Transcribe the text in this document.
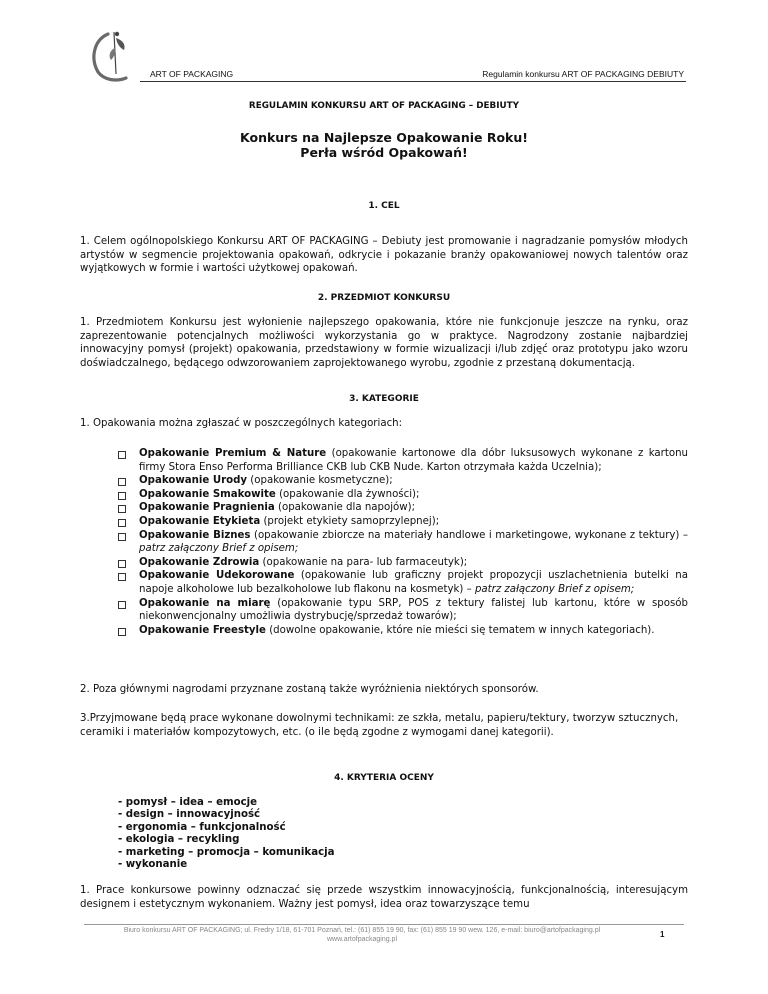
ART OF PACKAGING	Regulamin konkursu ART OF PACKAGING DEBIUTY
REGULAMIN KONKURSU ART OF PACKAGING – DEBIUTY
Konkurs na Najlepsze Opakowanie Roku!
Perła wśród Opakowań!
1. CEL
1. Celem ogólnopolskiego Konkursu ART OF PACKAGING – Debiuty jest promowanie i nagradzanie pomysłów młodych artystów w segmencie projektowania opakowań, odkrycie i pokazanie branży opakowaniowej nowych talentów oraz wyjątkowych w formie i wartości użytkowej opakowań.
2. PRZEDMIOT KONKURSU
1. Przedmiotem Konkursu jest wyłonienie najlepszego opakowania, które nie funkcjonuje jeszcze na rynku, oraz zaprezentowanie potencjalnych możliwości wykorzystania go w praktyce. Nagrodzony zostanie najbardziej innowacyjny pomysł (projekt) opakowania, przedstawiony w formie wizualizacji i/lub zdjęć oraz prototypu jako wzoru doświadczalnego, będącego odwzorowaniem zaprojektowanego wyrobu, zgodnie z przestaną dokumentacją.
3. KATEGORIE
1. Opakowania można zgłaszać w poszczególnych kategoriach:
Opakowanie Premium & Nature (opakowanie kartonowe dla dóbr luksusowych wykonane z kartonu firmy Stora Enso Performa Brilliance CKB lub CKB Nude. Karton otrzymała każda Uczelnia);
Opakowanie Urody (opakowanie kosmetyczne);
Opakowanie Smakowite (opakowanie dla żywności);
Opakowanie Pragnienia (opakowanie dla napojów);
Opakowanie Etykieta (projekt etykiety samoprzylepnej);
Opakowanie Biznes (opakowanie zbiorcze na materiały handlowe i marketingowe, wykonane z tektury) – patrz załączony Brief z opisem;
Opakowanie Zdrowia (opakowanie na para- lub farmaceutyk);
Opakowanie Udekorowane (opakowanie lub graficzny projekt propozycji uszlachetnienia butelki na napoje alkoholowe lub bezalkoholowe lub flakonu na kosmetyk) – patrz załączony Brief z opisem;
Opakowanie na miarę (opakowanie typu SRP, POS z tektury falistej lub kartonu, które w sposób niekonwencjonalny umożliwia dystrybucję/sprzedaż towarów);
Opakowanie Freestyle (dowolne opakowanie, które nie mieści się tematem w innych kategoriach).
2. Poza głównymi nagrodami przyznane zostaną także wyróżnienia niektórych sponsorów.
3.Przyjmowane będą prace wykonane dowolnymi technikami: ze szkła, metalu, papieru/tektury, tworzyw sztucznych, ceramiki i materiałów kompozytowych, etc. (o ile będą zgodne z wymogami danej kategorii).
4. KRYTERIA OCENY
- pomysł – idea – emocje
- design – innowacyjność
- ergonomia – funkcjonalność
- ekologia – recykling
- marketing – promocja – komunikacja
- wykonanie
1. Prace konkursowe powinny odznaczać się przede wszystkim innowacyjnością, funkcjonalnością, interesującym designem i estetycznym wykonaniem. Ważny jest pomysł, idea oraz towarzyszące temu
Biuro konkursu ART OF PACKAGING; ul. Fredry 1/18, 61-701 Poznań, tel.: (61) 855 19 90, fax: (61) 855 19 90 wew. 126, e-mail: biuro@artofpackaging.pl
www.artofpackaging.pl
1
